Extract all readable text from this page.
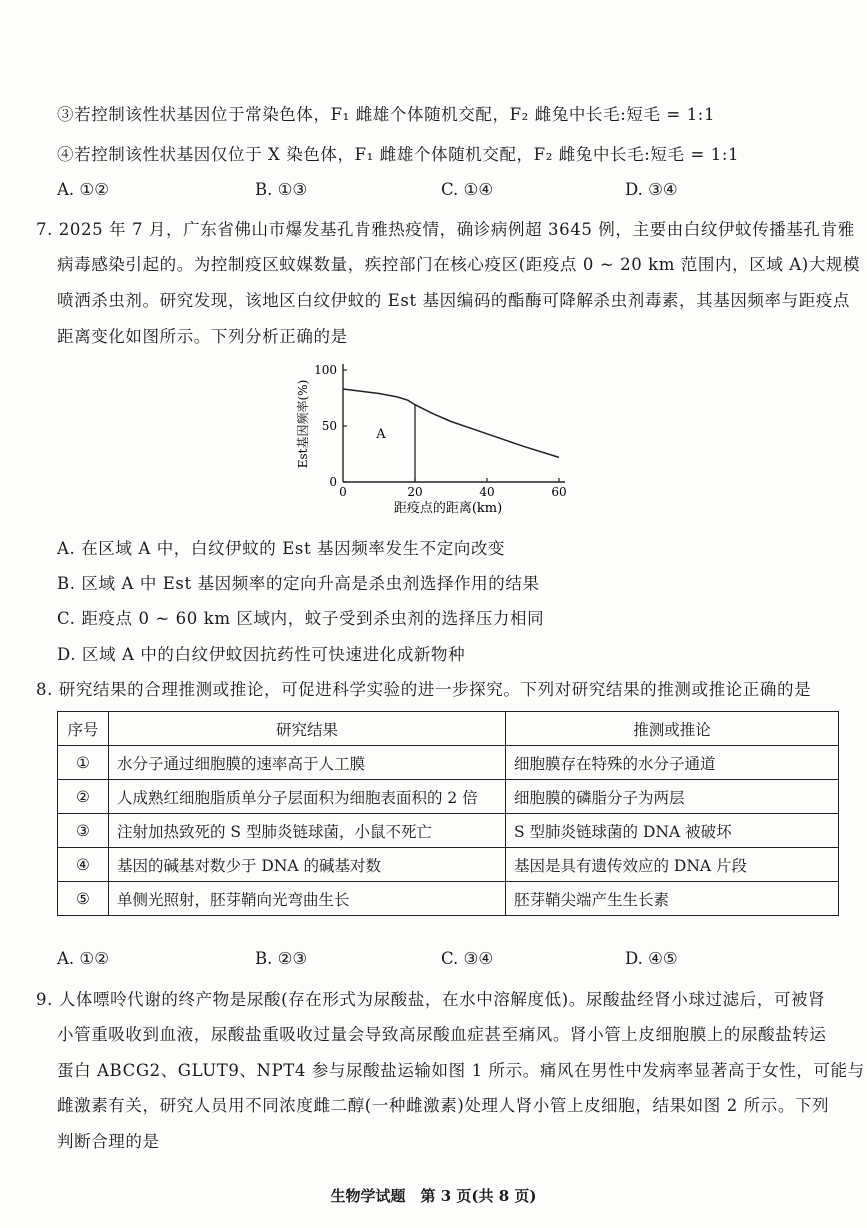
③若控制该性状基因位于常染色体，F₁ 雌雄个体随机交配，F₂ 雌兔中长毛:短毛 = 1:1
④若控制该性状基因仅位于 X 染色体，F₁ 雌雄个体随机交配，F₂ 雌兔中长毛:短毛 = 1:1
A. ①②	B. ①③	C. ①④	D. ③④
7. 2025 年 7 月，广东省佛山市爆发基孔肯雅热疫情，确诊病例超 3645 例，主要由白纹伊蚊传播基孔肯雅
病毒感染引起的。为控制疫区蚊媒数量，疾控部门在核心疫区(距疫点 0 ~ 20 km 范围内，区域 A)大规模
喷洒杀虫剂。研究发现，该地区白纹伊蚊的 Est 基因编码的酯酶可降解杀虫剂毒素，其基因频率与距疫点
距离变化如图所示。下列分析正确的是
Est基因频率(%)
距疫点的距离(km)
A
0	20	40	60
0
50
100
A. 在区域 A 中，白纹伊蚊的 Est 基因频率发生不定向改变
B. 区域 A 中 Est 基因频率的定向升高是杀虫剂选择作用的结果
C. 距疫点 0 ~ 60 km 区域内，蚊子受到杀虫剂的选择压力相同
D. 区域 A 中的白纹伊蚊因抗药性可快速进化成新物种
8. 研究结果的合理推测或推论，可促进科学实验的进一步探究。下列对研究结果的推测或推论正确的是
序号	研究结果	推测或推论
①	水分子通过细胞膜的速率高于人工膜	细胞膜存在特殊的水分子通道
②	人成熟红细胞脂质单分子层面积为细胞表面积的 2 倍	细胞膜的磷脂分子为两层
③	注射加热致死的 S 型肺炎链球菌，小鼠不死亡	S 型肺炎链球菌的 DNA 被破坏
④	基因的碱基对数少于 DNA 的碱基对数	基因是具有遗传效应的 DNA 片段
⑤	单侧光照射，胚芽鞘向光弯曲生长	胚芽鞘尖端产生生长素
A. ①②	B. ②③	C. ③④	D. ④⑤
9. 人体嘌呤代谢的终产物是尿酸(存在形式为尿酸盐，在水中溶解度低)。尿酸盐经肾小球过滤后，可被肾
小管重吸收到血液，尿酸盐重吸收过量会导致高尿酸血症甚至痛风。肾小管上皮细胞膜上的尿酸盐转运
蛋白 ABCG2、GLUT9、NPT4 参与尿酸盐运输如图 1 所示。痛风在男性中发病率显著高于女性，可能与
雌激素有关，研究人员用不同浓度雌二醇(一种雌激素)处理人肾小管上皮细胞，结果如图 2 所示。下列
判断合理的是
生物学试题　第 3 页(共 8 页)
